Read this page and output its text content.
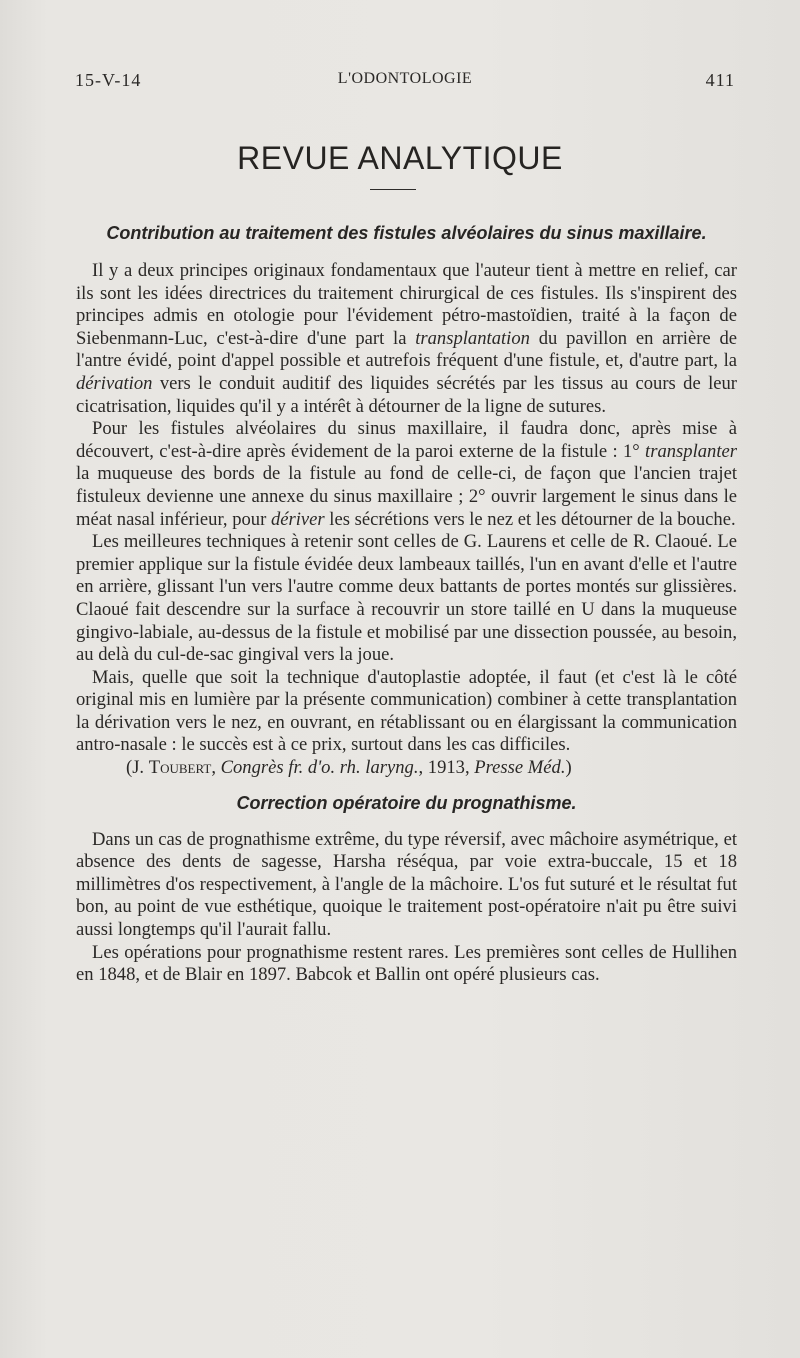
15-V-14	L'ODONTOLOGIE	411
REVUE ANALYTIQUE
Contribution au traitement des fistules alvéolaires du sinus maxillaire.

Il y a deux principes originaux fondamentaux que l'auteur tient à mettre en relief, car ils sont les idées directrices du traitement chirurgical de ces fistules. Ils s'inspirent des principes admis en otologie pour l'évidement pétro-mastoïdien, traité à la façon de Siebenmann-Luc, c'est-à-dire d'une part la transplantation du pavillon en arrière de l'antre évidé, point d'appel possible et autrefois fréquent d'une fistule, et, d'autre part, la dérivation vers le conduit auditif des liquides sécrétés par les tissus au cours de leur cicatrisation, liquides qu'il y a intérêt à détourner de la ligne de sutures.

Pour les fistules alvéolaires du sinus maxillaire, il faudra donc, après mise à découvert, c'est-à-dire après évidement de la paroi externe de la fistule : 1° transplanter la muqueuse des bords de la fistule au fond de celle-ci, de façon que l'ancien trajet fistuleux devienne une annexe du sinus maxillaire ; 2° ouvrir largement le sinus dans le méat nasal inférieur, pour dériver les sécrétions vers le nez et les détourner de la bouche.

Les meilleures techniques à retenir sont celles de G. Laurens et celle de R. Claoué. Le premier applique sur la fistule évidée deux lambeaux taillés, l'un en avant d'elle et l'autre en arrière, glissant l'un vers l'autre comme deux battants de portes montés sur glissières. Claoué fait descendre sur la surface à recouvrir un store taillé en U dans la muqueuse gingivo-labiale, au-dessus de la fistule et mobilisé par une dissection poussée, au besoin, au delà du cul-de-sac gingival vers la joue.

Mais, quelle que soit la technique d'autoplastie adoptée, il faut (et c'est là le côté original mis en lumière par la présente communication) combiner à cette transplantation la dérivation vers le nez, en ouvrant, en rétablissant ou en élargissant la communication antro-nasale : le succès est à ce prix, surtout dans les cas difficiles.

(J. Toubert, Congrès fr. d'o. rh. laryng., 1913, Presse Méd.)

Correction opératoire du prognathisme.

Dans un cas de prognathisme extrême, du type réversif, avec mâchoire asymétrique, et absence des dents de sagesse, Harsha réséqua, par voie extra-buccale, 15 et 18 millimètres d'os respectivement, à l'angle de la mâchoire. L'os fut suturé et le résultat fut bon, au point de vue esthétique, quoique le traitement post-opératoire n'ait pu être suivi aussi longtemps qu'il l'aurait fallu.

Les opérations pour prognathisme restent rares. Les premières sont celles de Hullihen en 1848, et de Blair en 1897. Babcok et Ballin ont opéré plusieurs cas.
